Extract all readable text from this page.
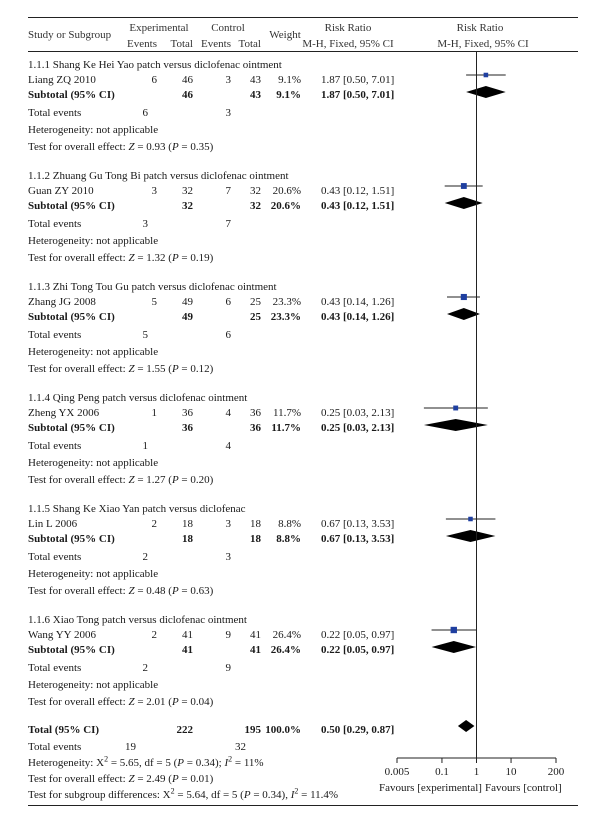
Study or Subgroup
Experimental	Control
Events	Total Events Total
Weight
Risk Ratio
M-H, Fixed, 95% CI
Risk Ratio
M-H, Fixed, 95% CI
1.1.1 Shang Ke Hei Yao patch versus diclofenac ointment
Liang ZQ 2010	6	46	3	43	9.1% 1.87 [0.50, 7.01]
Subtotal (95% CI)	46	43	9.1% 1.87 [0.50, 7.01]
Total events	6	3
Heterogeneity: not applicable
Test for overall effect: Z = 0.93 (P = 0.35)
1.1.2 Zhuang Gu Tong Bi patch versus diclofenac ointment
Guan ZY 2010	3	32	7	32	20.6% 0.43 [0.12, 1.51]
Subtotal (95% CI)	32	32 20.6% 0.43 [0.12, 1.51]
Total events	3	7
Heterogeneity: not applicable
Test for overall effect: Z = 1.32 (P = 0.19)
1.1.3 Zhi Tong Tou Gu patch versus diclofenac ointment
Zhang JG 2008	5	49	6	25	23.3% 0.43 [0.14, 1.26]
Subtotal (95% CI)	49	25 23.3% 0.43 [0.14, 1.26]
Total events	5	6
Heterogeneity: not applicable
Test for overall effect: Z = 1.55 (P = 0.12)
1.1.4 Qing Peng patch versus diclofenac ointment
Zheng YX 2006	1	36	4	36	11.7% 0.25 [0.03, 2.13]
Subtotal (95% CI)	36	36 11.7% 0.25 [0.03, 2.13]
Total events	1	4
Heterogeneity: not applicable
Test for overall effect: Z = 1.27 (P = 0.20)
1.1.5 Shang Ke Xiao Yan patch versus diclofenac
Lin L 2006	2	18	3	18	8.8% 0.67 [0.13, 3.53]
Subtotal (95% CI)	18	18	8.8% 0.67 [0.13, 3.53]
Total events	2	3
Heterogeneity: not applicable
Test for overall effect: Z = 0.48 (P = 0.63)
1.1.6 Xiao Tong patch versus diclofenac ointment
Wang YY 2006	2	41	9	41	26.4% 0.22 [0.05, 0.97]
Subtotal (95% CI)	41	41 26.4% 0.22 [0.05, 0.97]
Total events	2	9
Heterogeneity: not applicable
Test for overall effect: Z = 2.01 (P = 0.04)
Total (95% CI)	222	195 100.0% 0.50 [0.29, 0.87]
Total events	19	32
Heterogeneity: $X^2 = 5.65$, df = 5 (P = 0.34); $I^2 = 11\%$
Test for overall effect: Z = 2.49 (P = 0.01)
Test for subgroup differences: $X^2 = 5.64$, df = 5 (P = 0.34), $I^2 = 11.4\%$
0.005	0.1	1	10	200
Favours [experimental] Favours [control]
